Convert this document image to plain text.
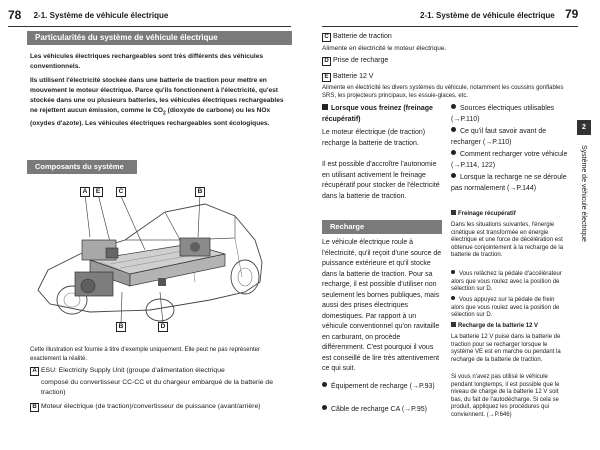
78 2-1. Système de véhicule électrique	2-1. Système de véhicule électrique 79
Particularités du système de véhicule électrique

Les véhicules électriques rechargeables sont très différents des véhicules conventionnels.

Ils utilisent l'électricité stockée dans une batterie de traction pour mettre en mouvement le moteur électrique. Parce qu'ils fonctionnent à l'électricité, qu'est stockée dans une ou plusieurs batteries, les véhicules électriques rechargeables ne rejettent aucun émission, comme le $CO_2$ (dioxyde de carbone) ou les NOx (oxydes d'azote). Les véhicules électriques rechargeables sont écologiques.

Composants du système
A	E	C	B
B	D
Cette illustration est fournie à titre d'exemple uniquement. Elle peut ne pas représenter exactement la réalité.
A ESU: Electricity Supply Unit (groupe d'alimentation électrique
composé du convertisseur CC-CC et du chargeur embarqué de la batterie de traction)
B Moteur électrique (de traction)/convertisseur de puissance (avant/arrière)
C Batterie de traction
Alimente en électricité le moteur électrique.
D Prise de recharge
E Batterie 12 V
Alimente en électricité les divers systèmes du véhicule, notamment les coussins gonflables SRS, les projecteurs principaux, les essuie-glaces, etc.
Lorsque vous freinez (freinage récupératif)
Le moteur électrique (de traction) recharge la batterie de traction.
Il est possible d'accroître l'autonomie en utilisant activement le freinage récupératif pour stocker de l'électricité dans la batterie de traction.
Recharge
Le véhicule électrique roule à l'électricité, qu'il reçoit d'une source de puissance extérieure et qu'il stocke dans la batterie de traction. Pour sa recharge, il est possible d'utiliser non seulement les bornes publiques, mais aussi des prises électriques domestiques. Par rapport à un véhicule conventionnel qu'on ravitaille en carburant, on procède différemment. C'est pourquoi il vous est conseillé de lire très attentivement ce qui suit.
Équipement de recharge (→P.93)
Câble de recharge CA (→P.95)
Sources électriques utilisables (→P.110)
Ce qu'il faut savoir avant de recharger (→P.110)
Comment recharger votre véhicule (→P.114, 122)
Lorsque la recharge ne se déroule pas normalement (→P.144)
Freinage récupératif
Dans les situations suivantes, l'énergie cinétique est transformée en énergie électrique et une force de décélération est obtenue conjointement à la recharge de la batterie de traction.
Vous relâchez la pédale d'accélérateur alors que vous roulez avec la position de sélection sur D.
Vous appuyez sur la pédale de frein alors que vous roulez avec la position de sélection sur D.
Recharge de la batterie 12 V
La batterie 12 V puise dans la batterie de traction pour se recharger lorsque le système VE est en marche ou pendant la recharge de la batterie de traction.
Si vous n'avez pas utilisé le véhicule pendant longtemps, il est possible que le niveau de charge de la batterie 12 V soit bas, du fait de l'autodécharge. Si cela se produit, appliquez les procédures qui conviennent. (→P.646)
2
Système de véhicule électrique
